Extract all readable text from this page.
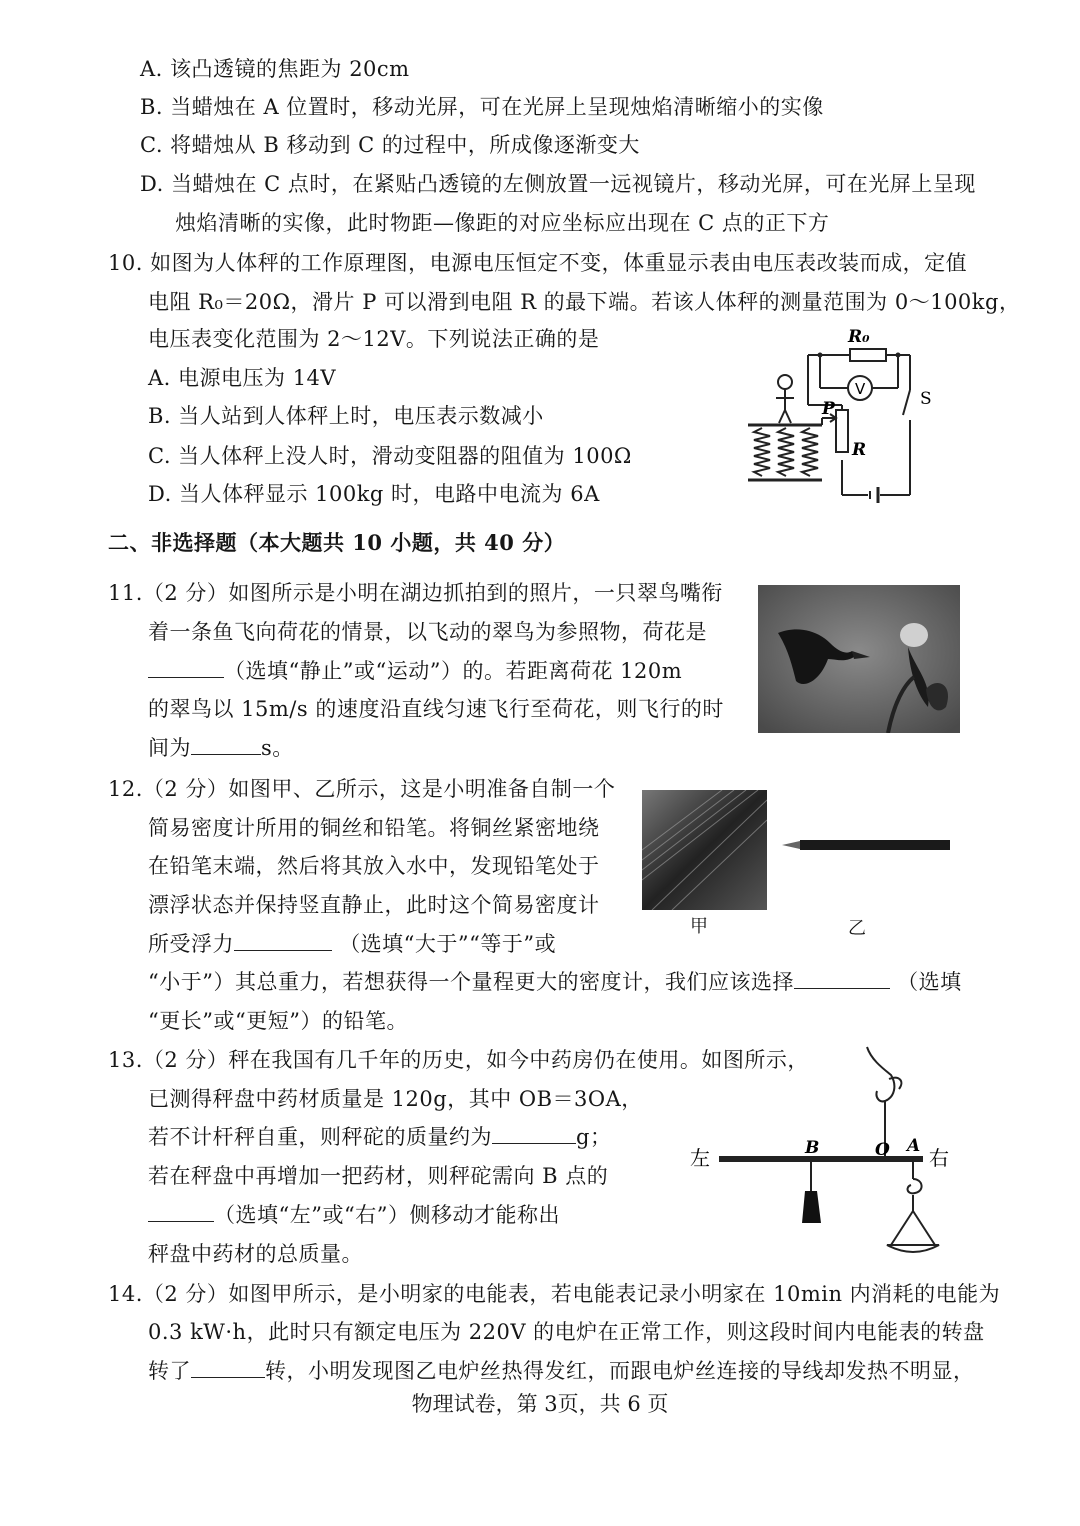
A. 该凸透镜的焦距为 20cm
B. 当蜡烛在 A 位置时，移动光屏，可在光屏上呈现烛焰清晰缩小的实像
C. 将蜡烛从 B 移动到 C 的过程中，所成像逐渐变大
D. 当蜡烛在 C 点时，在紧贴凸透镜的左侧放置一远视镜片，移动光屏，可在光屏上呈现
烛焰清晰的实像，此时物距—像距的对应坐标应出现在 C 点的正下方
10. 如图为人体秤的工作原理图，电源电压恒定不变，体重显示表由电压表改装而成，定值
电阻 R₀＝20Ω，滑片 P 可以滑到电阻 R 的最下端。若该人体秤的测量范围为 0～100kg，
电压表变化范围为 2～12V。下列说法正确的是
A. 电源电压为 14V
B. 当人站到人体秤上时，电压表示数减小
C. 当人体秤上没人时，滑动变阻器的阻值为 100Ω
D. 当人体秤显示 100kg 时，电路中电流为 6A
R₀
V	S
P
R
二、非选择题（本大题共 10 小题，共 40 分）
11.（2 分）如图所示是小明在湖边抓拍到的照片，一只翠鸟嘴衔
着一条鱼飞向荷花的情景，以飞动的翠鸟为参照物，荷花是
（选填“静止”或“运动”）的。若距离荷花 120m
的翠鸟以 15m/s 的速度沿直线匀速飞行至荷花，则飞行的时
间为	s。
12.（2 分）如图甲、乙所示，这是小明准备自制一个
简易密度计所用的铜丝和铅笔。将铜丝紧密地绕
在铅笔末端，然后将其放入水中，发现铅笔处于
漂浮状态并保持竖直静止，此时这个简易密度计
所受浮力	（选填“大于”“等于”或
“小于”）其总重力，若想获得一个量程更大的密度计，我们应该选择	（选填
“更长”或“更短”）的铅笔。
甲	乙
13.（2 分）秤在我国有几千年的历史，如今中药房仍在使用。如图所示，
已测得秤盘中药材质量是 120g，其中 OB＝3OA，
若不计杆秤自重，则秤砣的质量约为	g；
若在秤盘中再增加一把药材，则秤砣需向 B 点的
（选填“左”或“右”）侧移动才能称出
秤盘中药材的总质量。
左	右
B	O A
14.（2 分）如图甲所示，是小明家的电能表，若电能表记录小明家在 10min 内消耗的电能为
0.3 kW·h，此时只有额定电压为 220V 的电炉在正常工作，则这段时间内电能表的转盘
转了	转，小明发现图乙电炉丝热得发红，而跟电炉丝连接的导线却发热不明显，
物理试卷，第 3页，共 6 页
